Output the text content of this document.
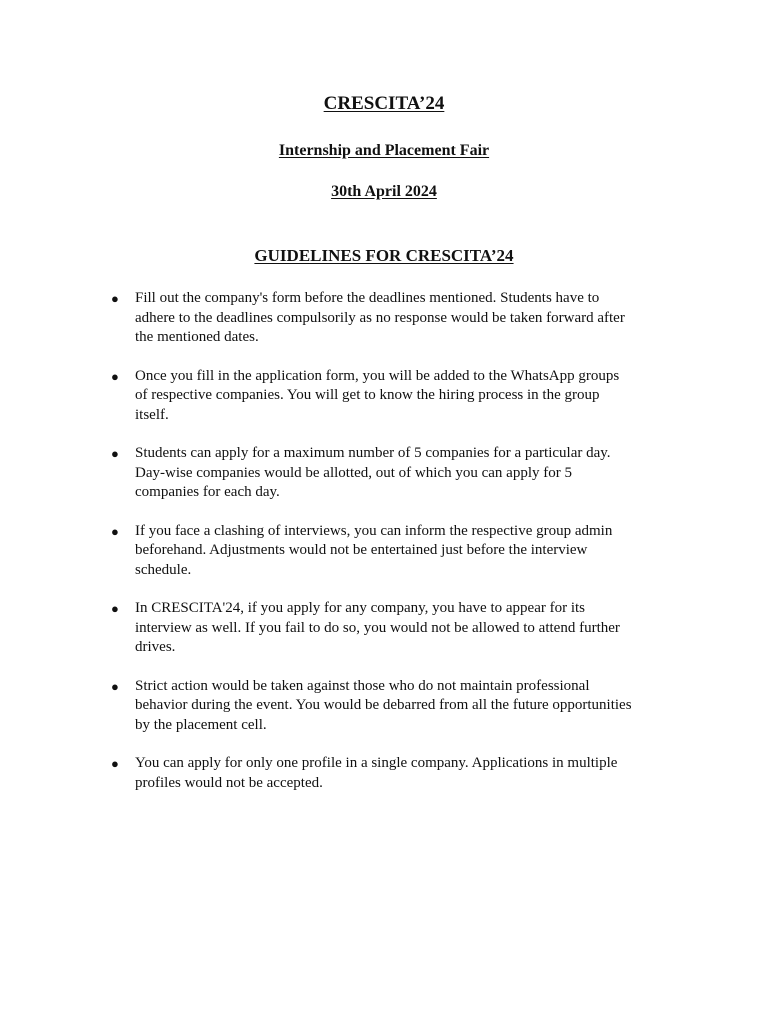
CRESCITA’24
Internship and Placement Fair
30th April 2024
GUIDELINES FOR CRESCITA’24
● Fill out the company's form before the deadlines mentioned. Students have to
adhere to the deadlines compulsorily as no response would be taken forward after
the mentioned dates.
● Once you fill in the application form, you will be added to the WhatsApp groups
of respective companies. You will get to know the hiring process in the group
itself.
● Students can apply for a maximum number of 5 companies for a particular day.
Day-wise companies would be allotted, out of which you can apply for 5
companies for each day.
● If you face a clashing of interviews, you can inform the respective group admin
beforehand. Adjustments would not be entertained just before the interview
schedule.
● In CRESCITA'24, if you apply for any company, you have to appear for its
interview as well. If you fail to do so, you would not be allowed to attend further
drives.
● Strict action would be taken against those who do not maintain professional
behavior during the event. You would be debarred from all the future opportunities
by the placement cell.
● You can apply for only one profile in a single company. Applications in multiple
profiles would not be accepted.
